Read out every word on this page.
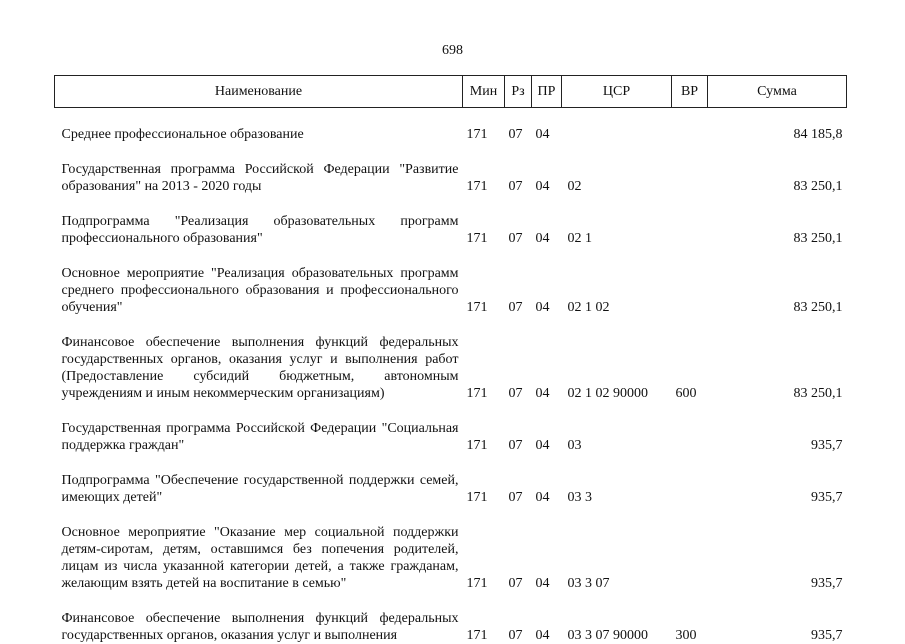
698
Наименование	Мин	Рз	ПР	ЦСР	ВР	Сумма

Среднее профессиональное образование	171	07	04			84 185,8

Государственная программа Российской Федерации "Развитие образования" на 2013 - 2020 годы	171	07	04	02		83 250,1

Подпрограмма "Реализация образовательных программ профессионального образования"	171	07	04	02 1		83 250,1

Основное мероприятие "Реализация образовательных программ среднего профессионального образования и профессионального обучения"	171	07	04	02 1 02		83 250,1

Финансовое обеспечение выполнения функций федеральных государственных органов, оказания услуг и выполнения работ (Предоставление субсидий бюджетным, автономным учреждениям и иным некоммерческим организациям)	171	07	04	02 1 02 90000	600	83 250,1

Государственная программа Российской Федерации "Социальная поддержка граждан"	171	07	04	03		935,7

Подпрограмма "Обеспечение государственной поддержки семей, имеющих детей"	171	07	04	03 3		935,7

Основное мероприятие "Оказание мер социальной поддержки детям-сиротам, детям, оставшимся без попечения родителей, лицам из числа указанной категории детей, а также гражданам, желающим взять детей на воспитание в семью"	171	07	04	03 3 07		935,7

Финансовое обеспечение выполнения функций федеральных государственных органов, оказания услуг и выполнения	171	07	04	03 3 07 90000	300	935,7
